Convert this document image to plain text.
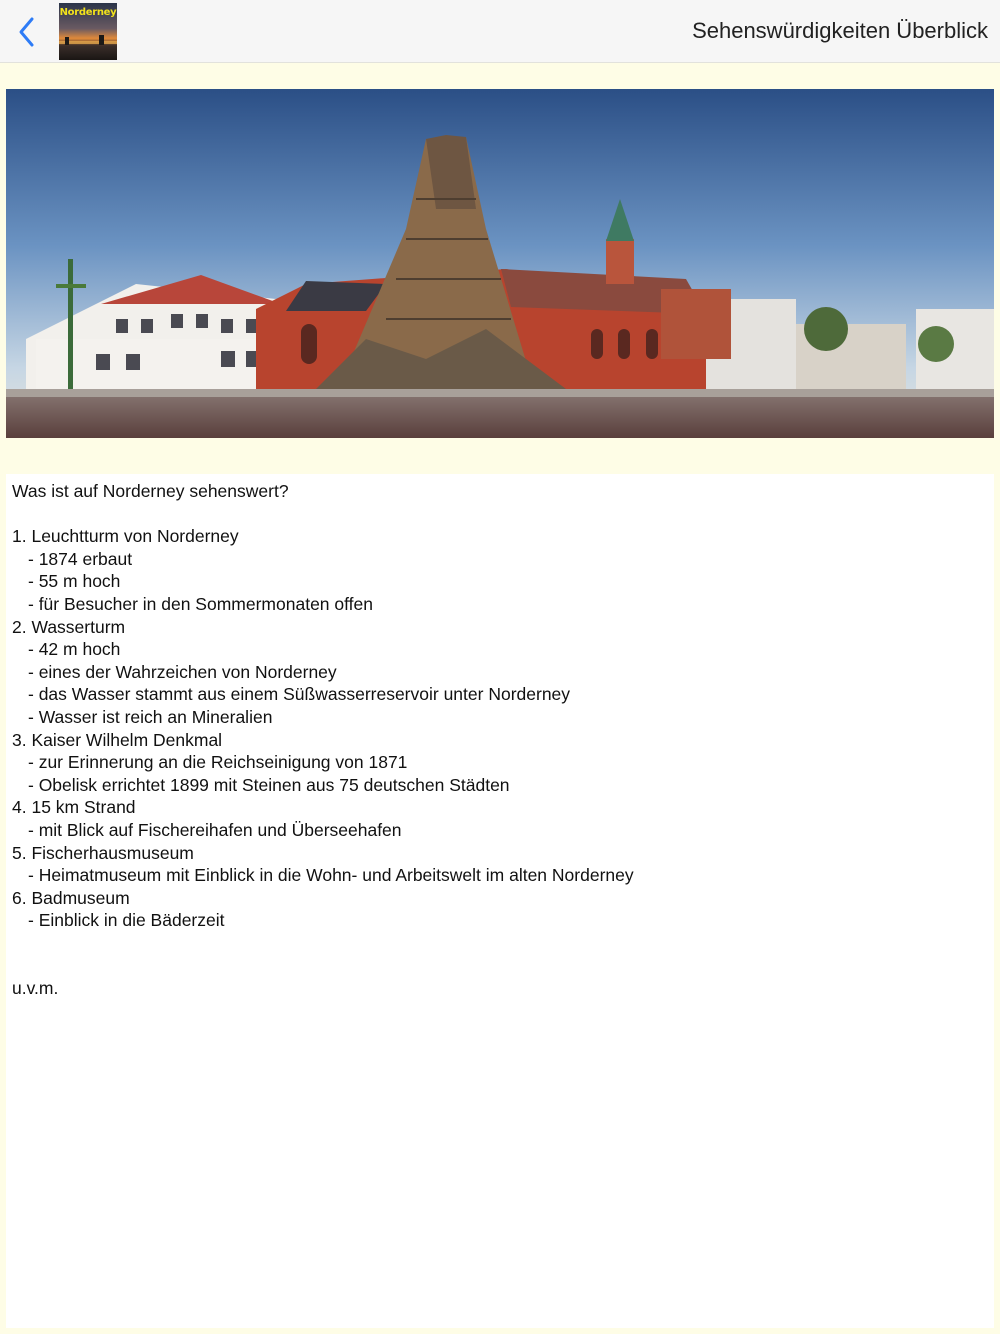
Norderney
Sehenswürdigkeiten Überblick
Was ist auf Norderney sehenswert?
1. Leuchtturm von Norderney
- 1874 erbaut
- 55 m hoch
- für Besucher in den Sommermonaten offen
2. Wasserturm
- 42 m hoch
- eines der Wahrzeichen von Norderney
- das Wasser stammt aus einem Süßwasserreservoir unter Norderney
- Wasser ist reich an Mineralien
3. Kaiser Wilhelm Denkmal
- zur Erinnerung an die Reichseinigung von 1871
- Obelisk errichtet 1899 mit Steinen aus 75 deutschen Städten
4. 15 km Strand
- mit Blick auf Fischereihafen und Überseehafen
5. Fischerhausmuseum
- Heimatmuseum mit Einblick in die Wohn- und Arbeitswelt im alten Norderney
6. Badmuseum
- Einblick in die Bäderzeit
u.v.m.
